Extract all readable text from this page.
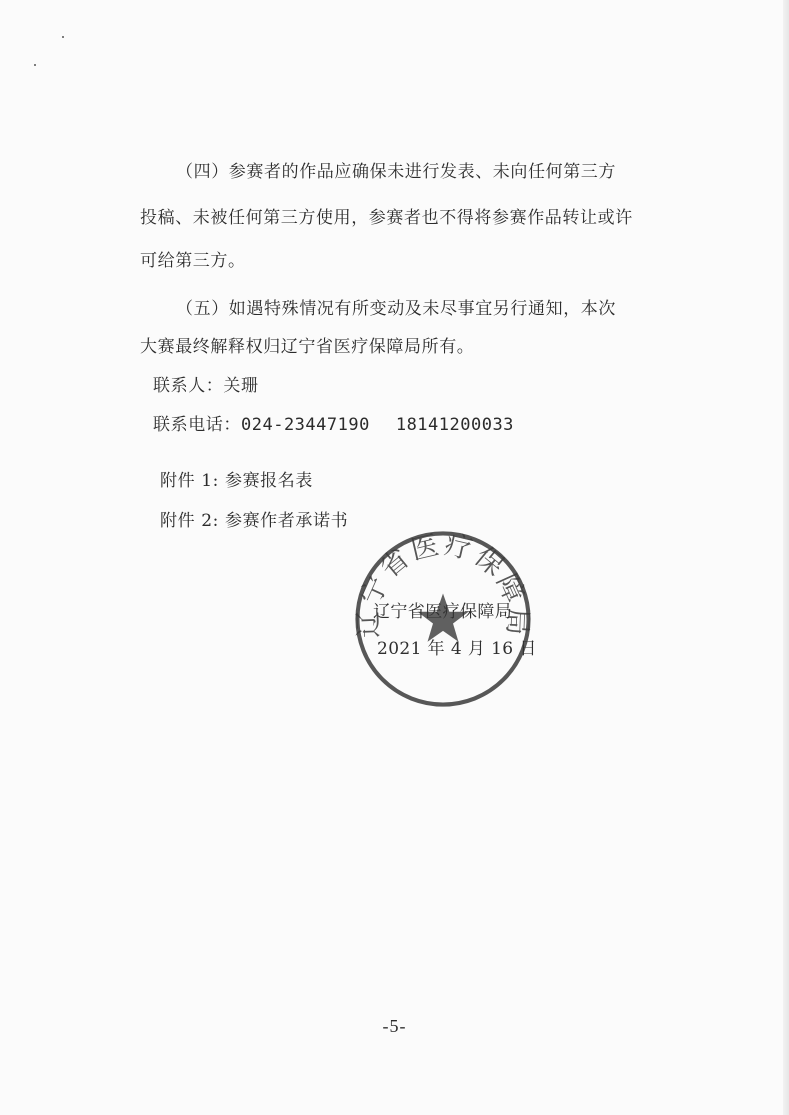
（四）参赛者的作品应确保未进行发表、未向任何第三方
投稿、未被任何第三方使用，参赛者也不得将参赛作品转让或许
可给第三方。
（五）如遇特殊情况有所变动及未尽事宜另行通知，本次
大赛最终解释权归辽宁省医疗保障局所有。
联系人：关珊
联系电话：024-23447190 18141200033
附件 1: 参赛报名表
附件 2: 参赛作者承诺书
辽宁省医疗保障局
辽宁省医疗保障局
2021 年 4 月 16 日
-5-
